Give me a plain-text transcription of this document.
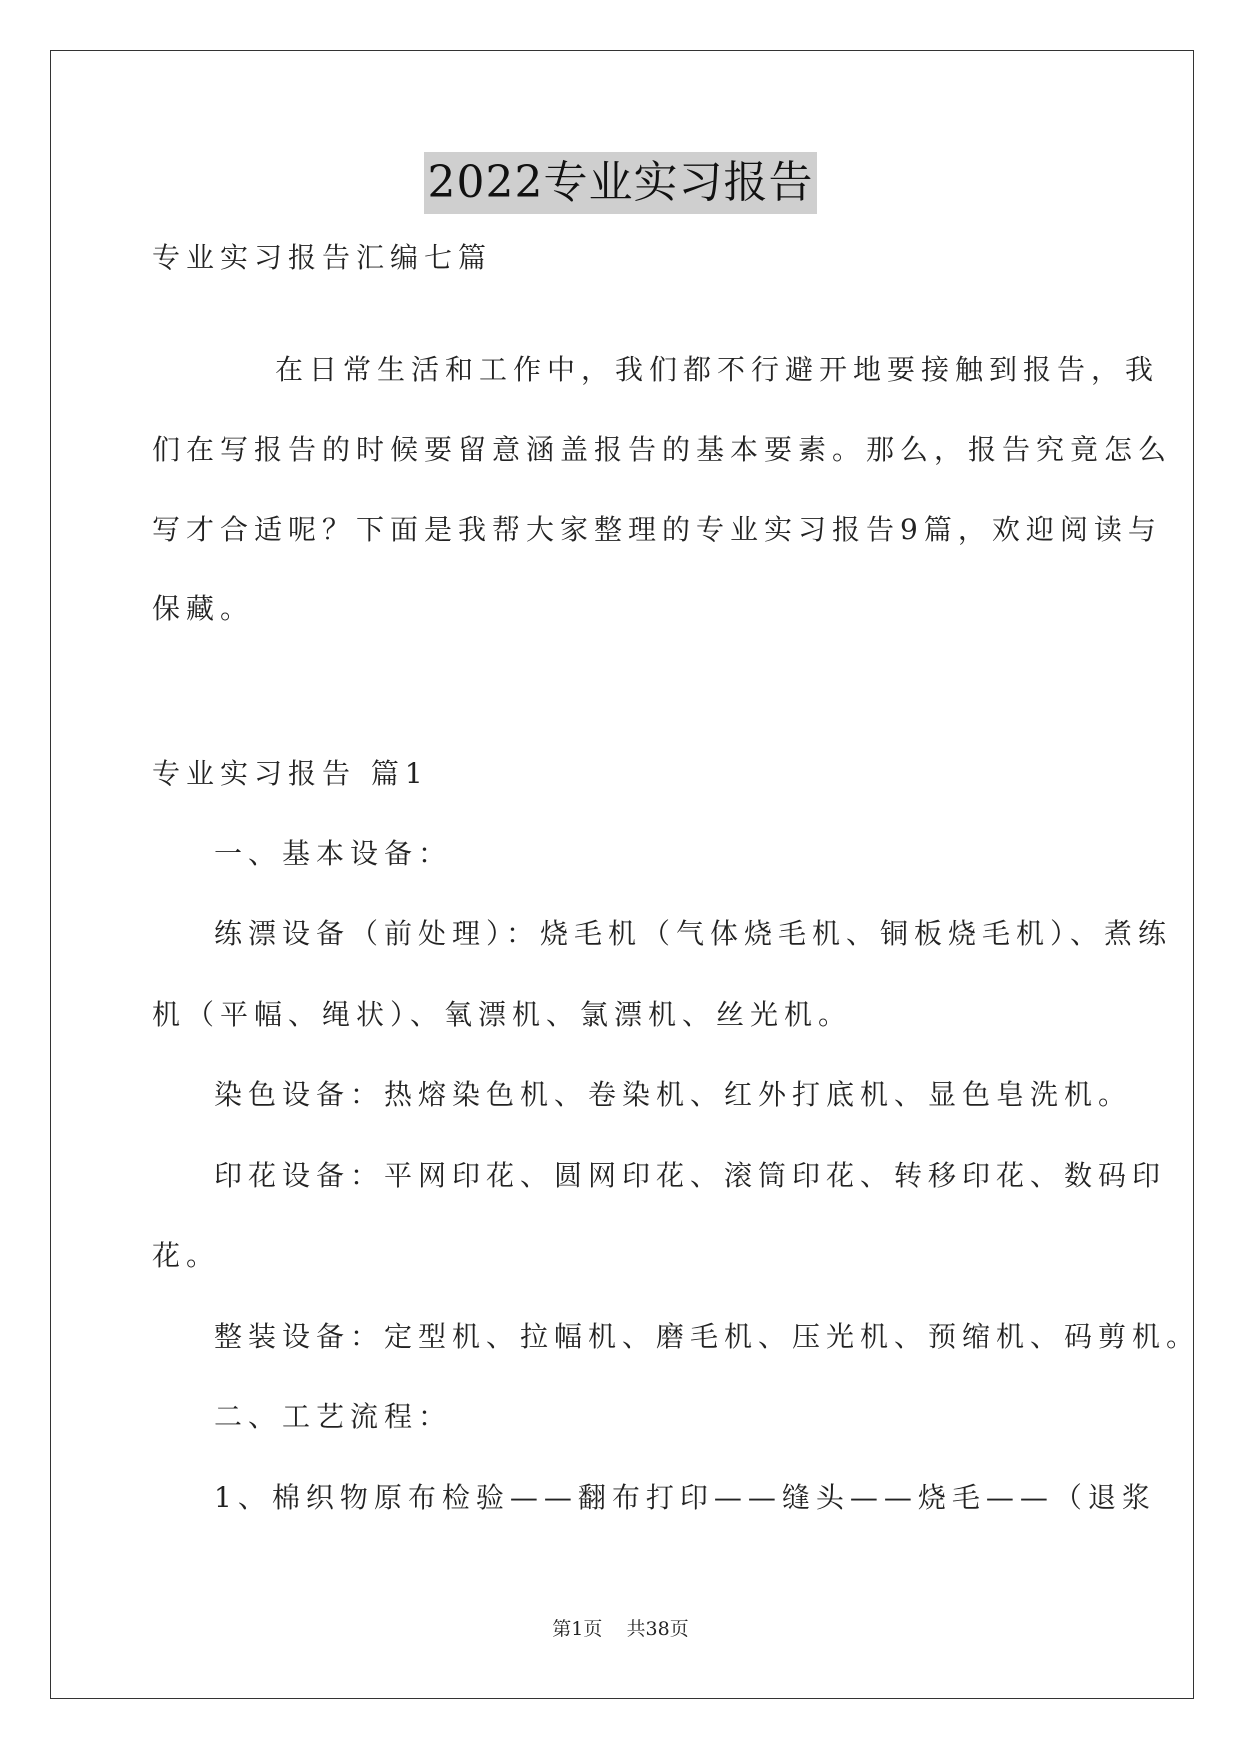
2022专业实习报告
专业实习报告汇编七篇
在日常生活和工作中，我们都不行避开地要接触到报告，我
们在写报告的时候要留意涵盖报告的基本要素。那么，报告究竟怎么
写才合适呢？下面是我帮大家整理的专业实习报告9篇，欢迎阅读与
保藏。
专业实习报告 篇1
一、基本设备：
练漂设备（前处理）：烧毛机（气体烧毛机、铜板烧毛机）、煮练
机（平幅、绳状）、氧漂机、氯漂机、丝光机。
染色设备：热熔染色机、卷染机、红外打底机、显色皂洗机。
印花设备：平网印花、圆网印花、滚筒印花、转移印花、数码印
花。
整装设备：定型机、拉幅机、磨毛机、压光机、预缩机、码剪机。
二、工艺流程：
1、棉织物原布检验——翻布打印——缝头——烧毛——（退浆
第1页 共38页
